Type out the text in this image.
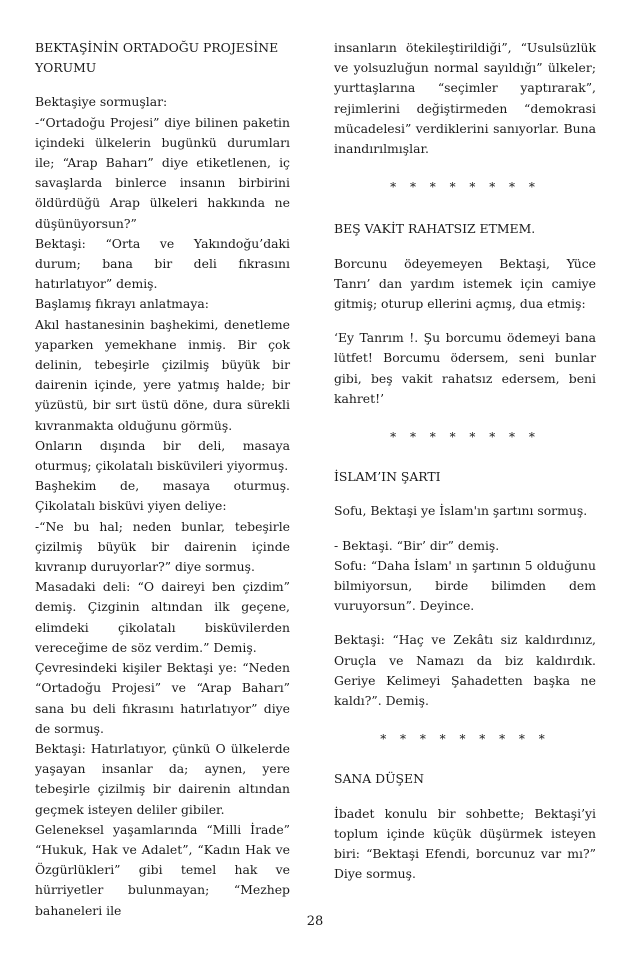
BEKTAŞİNİN ORTADOĞU PROJESİNE YORUMU

Bektaşiye sormuşlar:

-“Ortadoğu Projesi” diye bilinen paketin içindeki ülkelerin bugünkü durumları ile; “Arap Baharı” diye etiketlenen, iç savaşlarda binlerce insanın birbirini öldürdüğü Arap ülkeleri hakkında ne düşünüyorsun?”

Bektaşi: “Orta ve Yakındoğu’daki durum; bana bir deli fıkrasını hatırlatıyor” demiş.

Başlamış fıkrayı anlatmaya:

Akıl hastanesinin başhekimi, denetleme yaparken yemekhane inmiş. Bir çok delinin, tebeşirle çizilmiş büyük bir dairenin içinde, yere yatmış halde; bir yüzüstü, bir sırt üstü döne, dura sürekli kıvranmakta olduğunu görmüş.

Onların dışında bir deli, masaya oturmuş; çikolatalı bisküvileri yiyormuş.

Başhekim de, masaya oturmuş. Çikolatalı bisküvi yiyen deliye:

-“Ne bu hal; neden bunlar, tebeşirle çizilmiş büyük bir dairenin içinde kıvranıp duruyorlar?” diye sormuş.

Masadaki deli: “O daireyi ben çizdim” demiş. Çizginin altından ilk geçene, elimdeki çikolatalı bisküvilerden vereceğime de söz verdim.” Demiş.

Çevresindeki kişiler Bektaşi ye: “Neden “Ortadoğu Projesi” ve “Arap Baharı” sana bu deli fıkrasını hatırlatıyor” diye de sormuş.

Bektaşi: Hatırlatıyor, çünkü O ülkelerde yaşayan insanlar da; aynen, yere tebeşirle çizilmiş bir dairenin altından geçmek isteyen deliler gibiler.

Geleneksel yaşamlarında “Milli İrade” “Hukuk, Hak ve Adalet”, “Kadın Hak ve Özgürlükleri” gibi temel hak ve hürriyetler bulunmayan; “Mezhep bahaneleri ile

insanların ötekileştirildiği”, “Usulsüzlük ve yolsuzluğun normal sayıldığı” ülkeler; yurttaşlarına “seçimler yaptırarak”, rejimlerini değiştirmeden “demokrasi mücadelesi” verdiklerini sanıyorlar. Buna inandırılmışlar.

* * * * * * * *
BEŞ VAKİT RAHATSIZ ETMEM.

Borcunu ödeyemeyen Bektaşi, Yüce Tanrı’ dan yardım istemek için camiye gitmiş; oturup ellerini açmış, dua etmiş:

‘Ey Tanrım !. Şu borcumu ödemeyi bana lütfet! Borcumu ödersem, seni bunlar gibi, beş vakit rahatsız edersem, beni kahret!’

* * * * * * * *
İSLAM’IN ŞARTI

Sofu, Bektaşi ye İslam'ın şartını sormuş.

- Bektaşi. “Bir’ dir” demiş.

Sofu: “Daha İslam' ın şartının 5 olduğunu bilmiyorsun, birde bilimden dem vuruyorsun”. Deyince.

Bektaşi: “Haç ve Zekâtı siz kaldırdınız, Oruçla ve Namazı da biz kaldırdık. Geriye Kelimeyi Şahadetten başka ne kaldı?”. Demiş.

* * * * * * * * *
SANA DÜŞEN

İbadet konulu bir sohbette; Bektaşi’yi toplum içinde küçük düşürmek isteyen biri: “Bektaşi Efendi, borcunuz var mı?” Diye sormuş.

28
